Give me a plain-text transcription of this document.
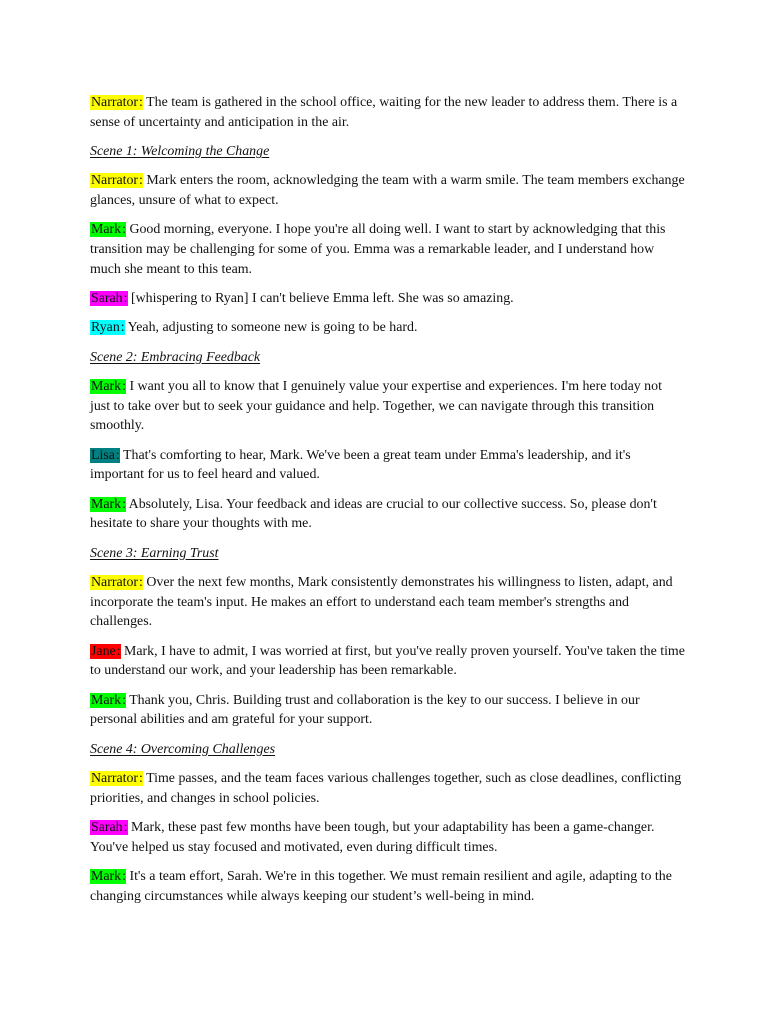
Narrator: The team is gathered in the school office, waiting for the new leader to address them. There is a sense of uncertainty and anticipation in the air.

Scene 1: Welcoming the Change

Narrator: Mark enters the room, acknowledging the team with a warm smile. The team members exchange glances, unsure of what to expect.

Mark: Good morning, everyone. I hope you're all doing well. I want to start by acknowledging that this transition may be challenging for some of you. Emma was a remarkable leader, and I understand how much she meant to this team.

Sarah: [whispering to Ryan] I can't believe Emma left. She was so amazing.

Ryan: Yeah, adjusting to someone new is going to be hard.

Scene 2: Embracing Feedback

Mark: I want you all to know that I genuinely value your expertise and experiences. I'm here today not just to take over but to seek your guidance and help. Together, we can navigate through this transition smoothly.

Lisa: That's comforting to hear, Mark. We've been a great team under Emma's leadership, and it's important for us to feel heard and valued.

Mark: Absolutely, Lisa. Your feedback and ideas are crucial to our collective success. So, please don't hesitate to share your thoughts with me.

Scene 3: Earning Trust

Narrator: Over the next few months, Mark consistently demonstrates his willingness to listen, adapt, and incorporate the team's input. He makes an effort to understand each team member's strengths and challenges.

Jane: Mark, I have to admit, I was worried at first, but you've really proven yourself. You've taken the time to understand our work, and your leadership has been remarkable.

Mark: Thank you, Chris. Building trust and collaboration is the key to our success. I believe in our personal abilities and am grateful for your support.

Scene 4: Overcoming Challenges

Narrator: Time passes, and the team faces various challenges together, such as close deadlines, conflicting priorities, and changes in school policies.

Sarah: Mark, these past few months have been tough, but your adaptability has been a game-changer. You've helped us stay focused and motivated, even during difficult times.

Mark: It's a team effort, Sarah. We're in this together. We must remain resilient and agile, adapting to the changing circumstances while always keeping our student’s well-being in mind.
